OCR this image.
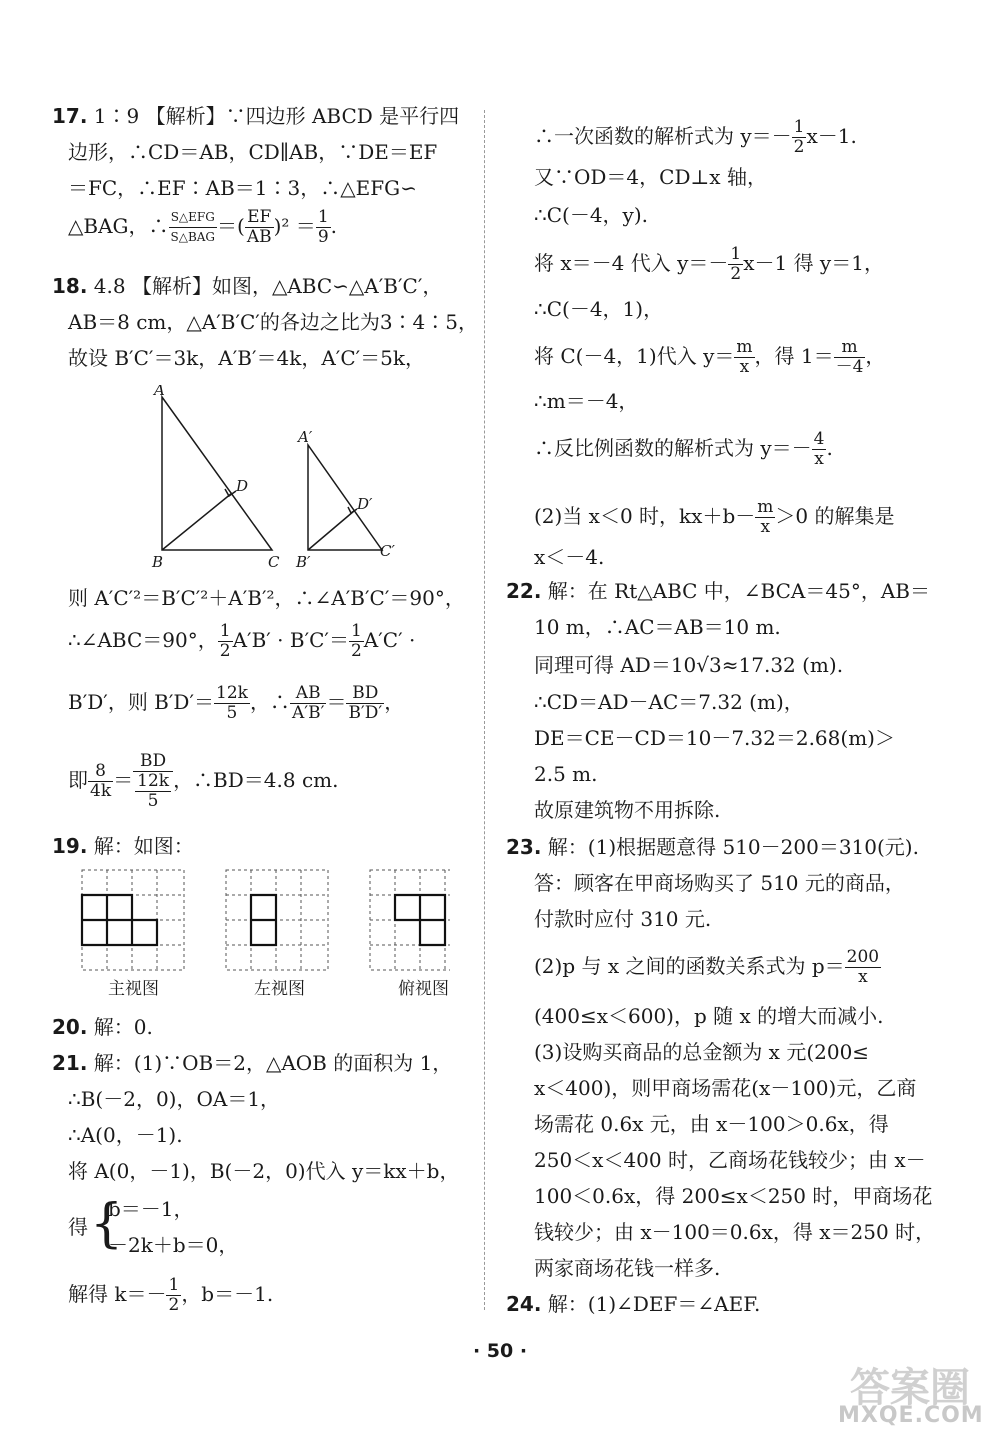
17. 1∶9 【解析】∵四边形 ABCD 是平行四
边形，∴CD＝AB，CD∥AB，∵DE＝EF
＝FC，∴EF∶AB＝1∶3，∴△EFG∽
△BAG，∴ $\frac{\text{S△EFG}}{\text{S△BAG}}$ ＝( $\frac{EF}{AB} )^2 = \frac{1}{9}$ .
18. 4.8 【解析】如图，△ABC∽△A′B′C′，
AB＝8 cm，△A′B′C′的各边之比为3∶4∶5，
故设 B′C′＝3k，A′B′＝4k，A′C′＝5k，
A
B	C
D
A′
B′
C′
D′
则 A′C′²＝B′C′²＋A′B′²，∴∠A′B′C′＝90°，
∴∠ABC＝90°， $\frac{1}{2} A'B' \cdot B'C'= \frac{1}{2} A'C'$ ·
B′D′，则 $B'D'= \frac{12k}{5}$ ，∴ $\frac{AB}{A'B'} = \frac{BD}{B'D'}$ ，
即 $\frac{8}{4k} = \frac{BD}{\frac{12k}{5}}$ ，∴BD＝4.8 cm.
19. 解：如图：
主视图	左视图	俯视图
20. 解：0.
21. 解：(1)∵OB＝2，△AOB 的面积为 1，
∴B(－2，0)，OA＝1，
∴A(0，－1).
将 A(0，－1)，B(－2，0)代入 y＝kx＋b，
得 {
b＝－1，
－2k＋b＝0，
解得 $k=- \frac{1}{2}$ ，b＝－1.
∴一次函数的解析式为 $y=- \frac{1}{2} x-1$.
又∵OD＝4，CD⊥x 轴，
∴C(－4，y).
将 x＝－4 代入 $y=- \frac{1}{2} x-1$ 得 y＝1，
∴C(－4，1)，
将 C(－4，1)代入 $y= \frac{m}{x}$ ，得 $1= \frac{m}{-4}$ ，
∴m＝－4，
∴反比例函数的解析式为 $y=- \frac{4}{x}$ .
(2)当 x＜0 时，$kx+b- \frac{m}{x} >0$ 的解集是
x＜－4.
22. 解：在 Rt△ABC 中，∠BCA＝45°，AB＝
10 m，∴AC＝AB＝10 m.
同理可得 AD＝10√3≈17.32 (m).
∴CD＝AD－AC＝7.32 (m)，
DE＝CE－CD＝10－7.32＝2.68(m)＞
2.5 m.
故原建筑物不用拆除.
23. 解：(1)根据题意得 510－200＝310(元).
答：顾客在甲商场购买了 510 元的商品，
付款时应付 310 元.
(2)p 与 x 之间的函数关系式为 $p= \frac{200}{x}$
(400≤x＜600)，p 随 x 的增大而减小.
(3)设购买商品的总金额为 x 元(200≤
x＜400)，则甲商场需花(x－100)元，乙商
场需花 0.6x 元，由 x－100＞0.6x，得
250＜x＜400 时，乙商场花钱较少；由 x－
100＜0.6x，得 200≤x＜250 时，甲商场花
钱较少；由 x－100＝0.6x，得 x＝250 时，
两家商场花钱一样多.
24. 解：(1)∠DEF＝∠AEF.
· 50 ·
答案圈
MXQE.COM
